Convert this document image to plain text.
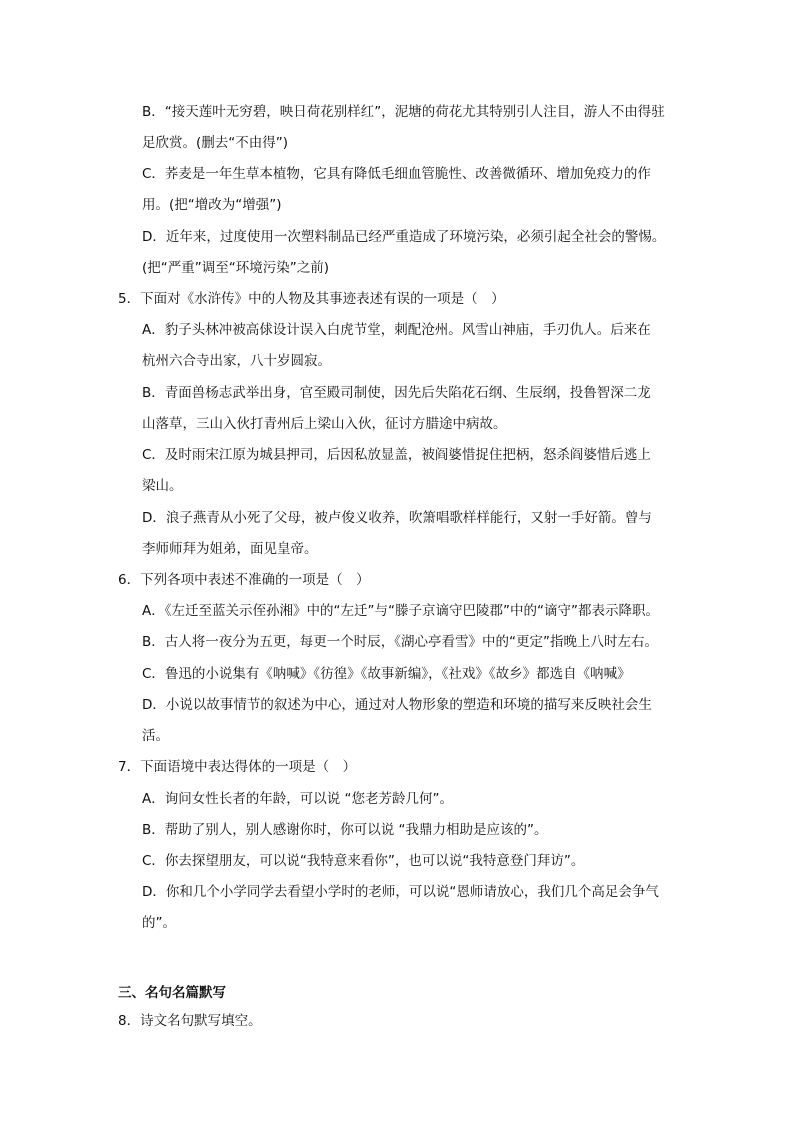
B．“接天莲叶无穷碧，映日荷花别样红”，泥塘的荷花尤其特别引人注目，游人不由得驻
足欣赏。(删去“不由得”)
C．荞麦是一年生草本植物，它具有降低毛细血管脆性、改善微循环、增加免疫力的作
用。(把“增改为“增强”)
D．近年来，过度使用一次塑料制品已经严重造成了环境污染，必须引起全社会的警惕。
(把“严重”调至“环境污染”之前)
5．下面对《水浒传》中的人物及其事迹表述有误的一项是（　）
A．豹子头林冲被高俅设计误入白虎节堂，刺配沧州。风雪山神庙，手刃仇人。后来在
杭州六合寺出家，八十岁圆寂。
B．青面兽杨志武举出身，官至殿司制使，因先后失陷花石纲、生辰纲，投鲁智深二龙
山落草，三山入伙打青州后上梁山入伙，征讨方腊途中病故。
C．及时雨宋江原为城县押司，后因私放显盖，被阎婆惜捉住把柄，怒杀阎婆惜后逃上
梁山。
D．浪子燕青从小死了父母，被卢俊义收养，吹箫唱歌样样能行，又射一手好箭。曾与
李师师拜为姐弟，面见皇帝。
6．下列各项中表述不准确的一项是（　）
A．《左迁至蓝关示侄孙湘》中的“左迁”与“滕子京谪守巴陵郡”中的“谪守”都表示降职。
B．古人将一夜分为五更，每更一个时辰，《湖心亭看雪》中的“更定”指晚上八时左右。
C．鲁迅的小说集有《呐喊》《彷徨》《故事新编》，《社戏》《故乡》都选自《呐喊》
D．小说以故事情节的叙述为中心，通过对人物形象的塑造和环境的描写来反映社会生
活。
7．下面语境中表达得体的一项是（　）
A．询问女性长者的年龄，可以说 “您老芳龄几何”。
B．帮助了别人，别人感谢你时，你可以说 “我鼎力相助是应该的”。
C．你去探望朋友，可以说“我特意来看你”，也可以说“我特意登门拜访”。
D．你和几个小学同学去看望小学时的老师，可以说“恩师请放心，我们几个高足会争气
的”。
三、名句名篇默写
8．诗文名句默写填空。
